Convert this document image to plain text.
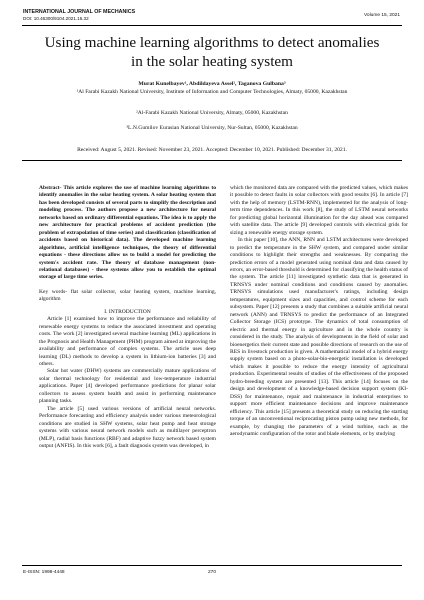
INTERNATIONAL JOURNAL OF MECHANICS
DOI: 10.46300/9104.2021.15.32
Volume 15, 2021
Using machine learning algorithms to detect anomalies in the solar heating system
Murat Kunelbayev¹, Abdildayeva Assel², Taganova Gulbana³
¹Al Farabi Kazakh National University, Institute of Information and Computer Technologies, Almaty, 05000, Kazakhstan
²Al-Farabi Kazakh National University, Almaty, 05000, Kazakhstan
³L.N.Gumilov Eurasian National University, Nur-Sultan, 05000, Kazakhstan
Received: August 5, 2021. Revised: November 23, 2021. Accepted: December 10, 2021. Published: December 31, 2021.

Abstract- This article explores the use of machine learning algorithms to identify anomalies in the solar heating system. A solar heating system that has been developed consists of several parts to simplify the description and modeling process. The authors propose a new architecture for neural networks based on ordinary differential equations. The idea is to apply the new architecture for practical problems of accident prediction (the problem of extrapolation of time series) and classification (classification of accidents based on historical data). The developed machine learning algorithms, artificial intelligence techniques, the theory of differential equations - these directions allow us to build a model for predicting the system's accident rate. The theory of database management (non-relational databases) - these systems allow you to establish the optimal storage of large time series.

Key words- flat solar collector, solar heating system, machine learning, algorithm

I. INTRODUCTION

Article [1] examined how to improve the performance and reliability of renewable energy systems to reduce the associated investment and operating costs. The work [2] investigated several machine learning (ML) applications in the Prognosis and Health Management (PHM) program aimed at improving the availability and performance of complex systems. The article uses deep learning (DL) methods to develop a system in lithium-ion batteries [3] and others.

Solar hot water (DHW) systems are commercially mature applications of solar thermal technology for residential and low-temperature industrial applications. Paper [4] developed performance predictions for planar solar collectors to assess system health and assist in performing maintenance planning tasks.

The article [5] used various versions of artificial neural networks. Performance forecasting and efficiency analysis under various meteorological conditions are studied in SHW systems, solar heat pump and heat storage systems with various neural network models such as multilayer perceptron (MLP), radial basis functions (RBF) and adaptive fuzzy network based system output (ANFIS). In this work [6], a fault diagnosis system was developed, in

which the monitored data are compared with the predicted values, which makes it possible to detect faults in solar collectors with good results [6]. In article [7] with the help of memory (LSTM-RNN), implemented for the analysis of long-term time dependences. In this work [8], the study of LSTM neural networks for predicting global horizontal illumination for the day ahead was compared with satellite data. The article [9] developed controls with electrical grids for sizing a renewable energy storage system.

In this paper [10], the ANN, RNN and LSTM architectures were developed to predict the temperature in the SHW system, and compared under similar conditions to highlight their strengths and weaknesses. By comparing the prediction errors of a model generated using nominal data and data caused by errors, an error-based threshold is determined for classifying the health status of the system. The article [11] investigated synthetic data that is generated in TRNSYS under nominal conditions and conditions caused by anomalies. TRNSYS simulations used manufacturer's ratings, including design temperatures, equipment sizes and capacities, and control scheme for each subsystem. Paper [12] presents a study that combines a suitable artificial neural network (ANN) and TRNSYS to predict the performance of an Integrated Collector Storage (ICS) prototype. The dynamics of total consumption of electric and thermal energy in agriculture and in the whole country is considered in the study. The analysis of developments in the field of solar and bioenergetics their current state and possible directions of research on the use of RES in livestock production is given. A mathematical model of a hybrid energy supply system based on a photo-solar-bio-energetic installation is developed which makes it possible to reduce the energy intensity of agricultural production. Experimental results of studies of the effectiveness of the proposed hydro-breeding system are presented [13]. This article [14] focuses on the design and development of a knowledge-based decision support system (KI-DSS) for maintenance, repair and maintenance in industrial enterprises to support more efficient maintenance decisions and improve maintenance efficiency. This article [15] presents a theoretical study on reducing the starting torque of an unconventional reciprocating piston pump using new methods, for example, by changing the parameters of a wind turbine, such as the aerodynamic configuration of the rotor and blade elements, or by studying

E-ISSN: 1998-4448	270
